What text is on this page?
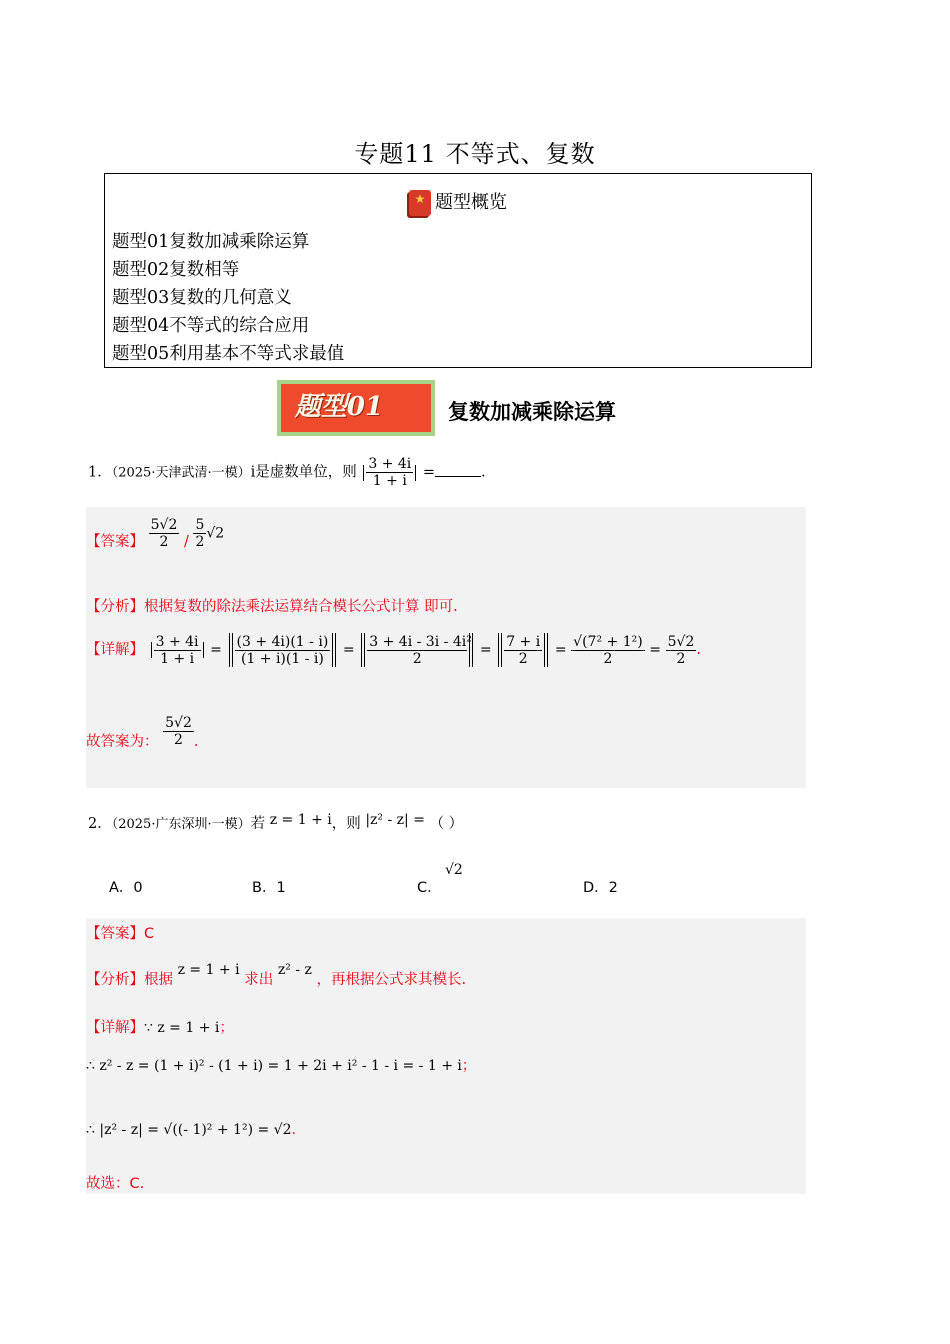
专题11 不等式、复数
★ 题型概览
题型01复数加减乘除运算
题型02复数相等
题型03复数的几何意义
题型04不等式的综合应用
题型05利用基本不等式求最值
题型01	复数加减乘除运算
1．（2025·天津武清·一模）i是虚数单位，则 $\frac{3 + 4i}{1 + i}$ =	.
【答案】 $\frac{5√2}{2} / \frac{5}{2} √2$
【分析】根据复数的除法乘法运算结合模长公式计算 即可.
【详解】 $\frac{3 + 4i}{1 + i} = \frac{(3 + 4i)(1 - i)}{(1 + i)(1 - i)} = \frac{\text{3 + 4i - 3i - 4i²}}{2} = \frac{7 + i}{2} = \frac{\text{√(7² + 1²)}}{2} = \frac{5√2}{2}$ .
故答案为： $\frac{5√2}{2}$ .
2．（2025·广东深圳·一模）若 z = 1 + i，则 |z² - z| = （ ）
A．0	B．1	C．
√2
D．2
【答案】C
【分析】根据 z = 1 + i 求出 z² - z ，再根据公式求其模长.
【详解】∵ z = 1 + i；
∴ z² - z = (1 + i)² - (1 + i) = 1 + 2i + i² - 1 - i = - 1 + i；
∴ |z² - z| = √((- 1)² + 1²) = √2.
故选：C.
